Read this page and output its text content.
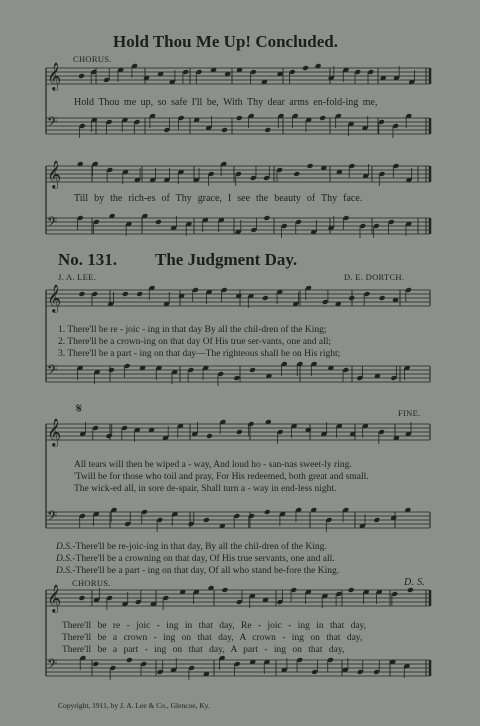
𝄞
𝄢
𝄞
𝄢
𝄞
𝄢
𝄞
𝄢
𝄞
𝄢
Hold Thou Me Up! Concluded.
CHORUS.
Hold Thou me up, so safe I'll be, With Thy dear arms en-fold-ing me,
Till by the rich-es of Thy grace, I see the beauty of Thy face.
No. 131. The Judgment Day.
J. A. LEE.	D. E. DORTCH.
1. There'll be re - joic - ing in that day By all the chil-dren of the King;
2. There'll be a crown-ing on that day Of His true ser-vants, one and all;
3. There'll be a part - ing on that day—The righteous shall be on His right;
𝄋	FINE.
All tears will then be wiped a - way, And loud ho - san-nas sweet-ly ring.
'Twill be for those who toil and pray, For His redeemed, both great and small.
The wick-ed all, in sore de-spair, Shall turn a - way in end-less night.
D.S.-There'll be re-joic-ing in that day, By all the chil-dren of the King.
D.S.-There'll be a crowning on that day, Of His true servants, one and all.
D.S.-There'll be a part - ing on that day, Of all who stand be-fore the King.
CHORUS.	D. S.
There'll be re - joic - ing in that day, Re - joic - ing in that day,
There'll be a crown - ing on that day, A crown - ing on that day,
There'll be a part - ing on that day, A part - ing on that day,
Copyright, 1911, by J. A. Lee & Co., Glencoe, Ky.
